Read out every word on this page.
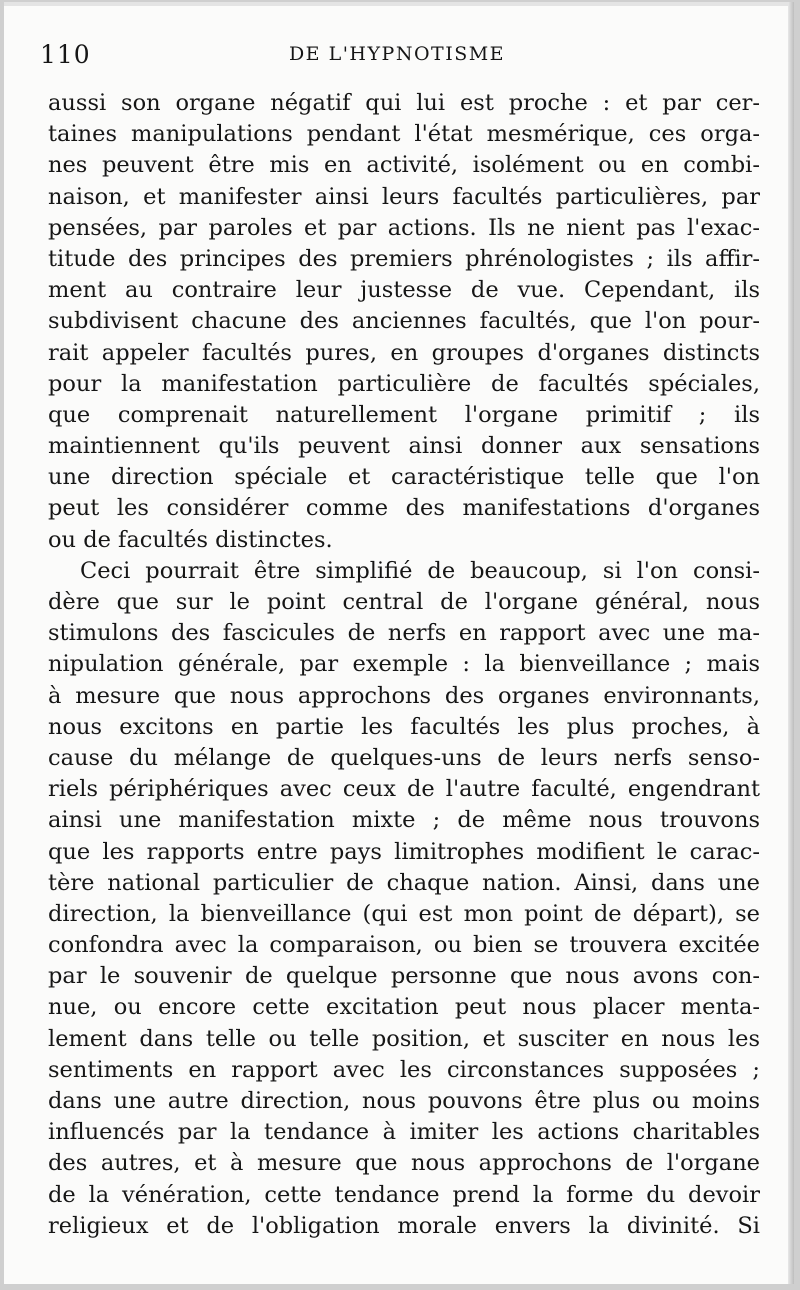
110	DE L'HYPNOTISME
aussi son organe négatif qui lui est proche : et par cer-
taines manipulations pendant l'état mesmérique, ces orga-
nes peuvent être mis en activité, isolément ou en combi-
naison, et manifester ainsi leurs facultés particulières, par
pensées, par paroles et par actions. Ils ne nient pas l'exac-
titude des principes des premiers phrénologistes ; ils affir-
ment au contraire leur justesse de vue. Cependant, ils
subdivisent chacune des anciennes facultés, que l'on pour-
rait appeler facultés pures, en groupes d'organes distincts
pour la manifestation particulière de facultés spéciales,
que comprenait naturellement l'organe primitif ; ils
maintiennent qu'ils peuvent ainsi donner aux sensations
une direction spéciale et caractéristique telle que l'on
peut les considérer comme des manifestations d'organes
ou de facultés distinctes.
Ceci pourrait être simplifié de beaucoup, si l'on consi-
dère que sur le point central de l'organe général, nous
stimulons des fascicules de nerfs en rapport avec une ma-
nipulation générale, par exemple : la bienveillance ; mais
à mesure que nous approchons des organes environnants,
nous excitons en partie les facultés les plus proches, à
cause du mélange de quelques-uns de leurs nerfs senso-
riels périphériques avec ceux de l'autre faculté, engendrant
ainsi une manifestation mixte ; de même nous trouvons
que les rapports entre pays limitrophes modifient le carac-
tère national particulier de chaque nation. Ainsi, dans une
direction, la bienveillance (qui est mon point de départ), se
confondra avec la comparaison, ou bien se trouvera excitée
par le souvenir de quelque personne que nous avons con-
nue, ou encore cette excitation peut nous placer menta-
lement dans telle ou telle position, et susciter en nous les
sentiments en rapport avec les circonstances supposées ;
dans une autre direction, nous pouvons être plus ou moins
influencés par la tendance à imiter les actions charitables
des autres, et à mesure que nous approchons de l'organe
de la vénération, cette tendance prend la forme du devoir
religieux et de l'obligation morale envers la divinité. Si
